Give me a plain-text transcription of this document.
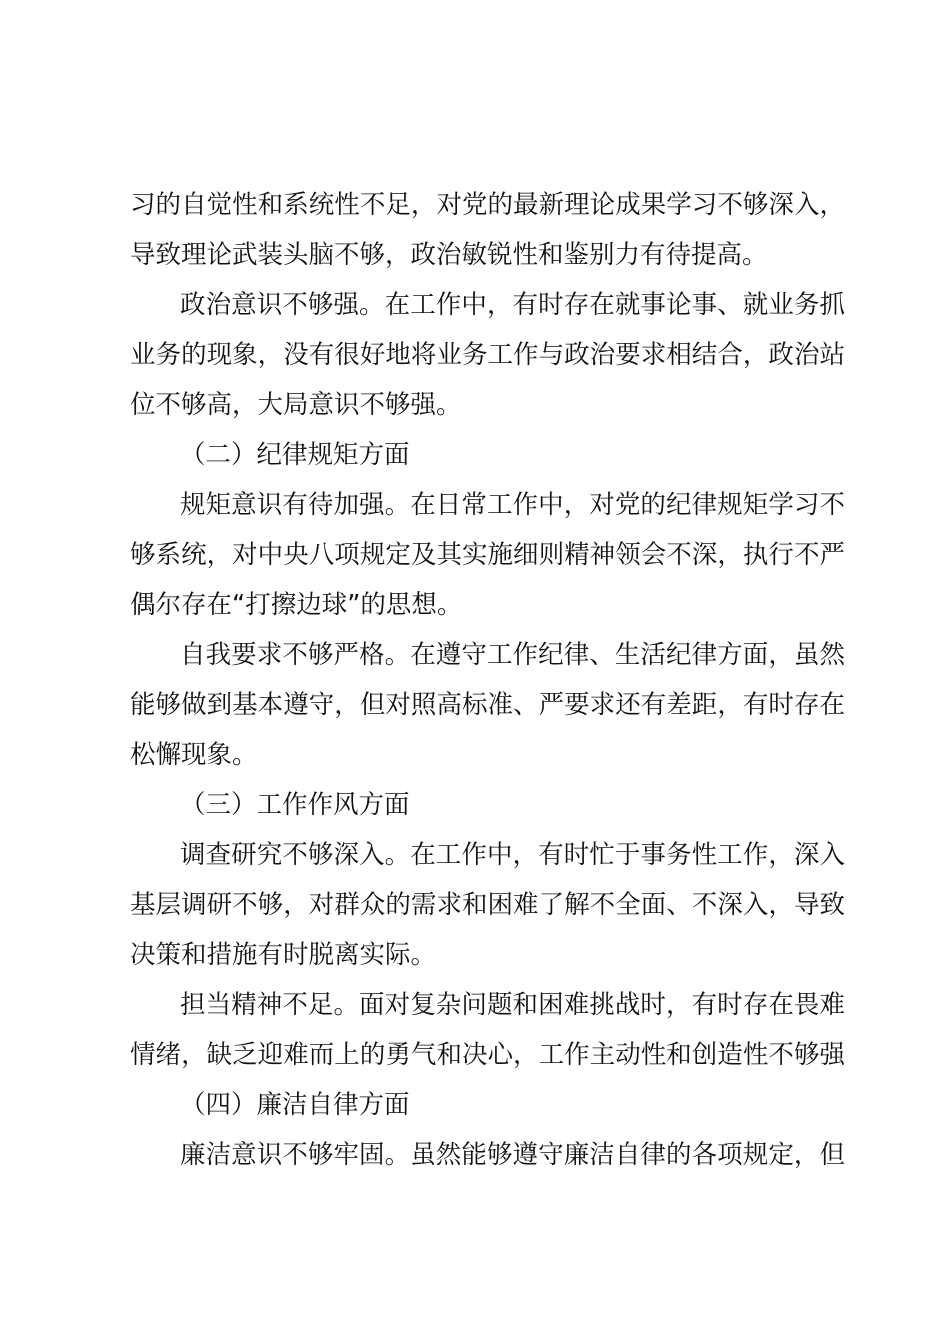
习的自觉性和系统性不足，对党的最新理论成果学习不够深入，
导致理论武装头脑不够，政治敏锐性和鉴别力有待提高。
政治意识不够强。在工作中，有时存在就事论事、就业务抓
业务的现象，没有很好地将业务工作与政治要求相结合，政治站
位不够高，大局意识不够强。
（二）纪律规矩方面
规矩意识有待加强。在日常工作中，对党的纪律规矩学习不
够系统，对中央八项规定及其实施细则精神领会不深，执行不严
偶尔存在“打擦边球”的思想。
自我要求不够严格。在遵守工作纪律、生活纪律方面，虽然
能够做到基本遵守，但对照高标准、严要求还有差距，有时存在
松懈现象。
（三）工作作风方面
调查研究不够深入。在工作中，有时忙于事务性工作，深入
基层调研不够，对群众的需求和困难了解不全面、不深入，导致
决策和措施有时脱离实际。
担当精神不足。面对复杂问题和困难挑战时，有时存在畏难
情绪，缺乏迎难而上的勇气和决心，工作主动性和创造性不够强
（四）廉洁自律方面
廉洁意识不够牢固。虽然能够遵守廉洁自律的各项规定，但
